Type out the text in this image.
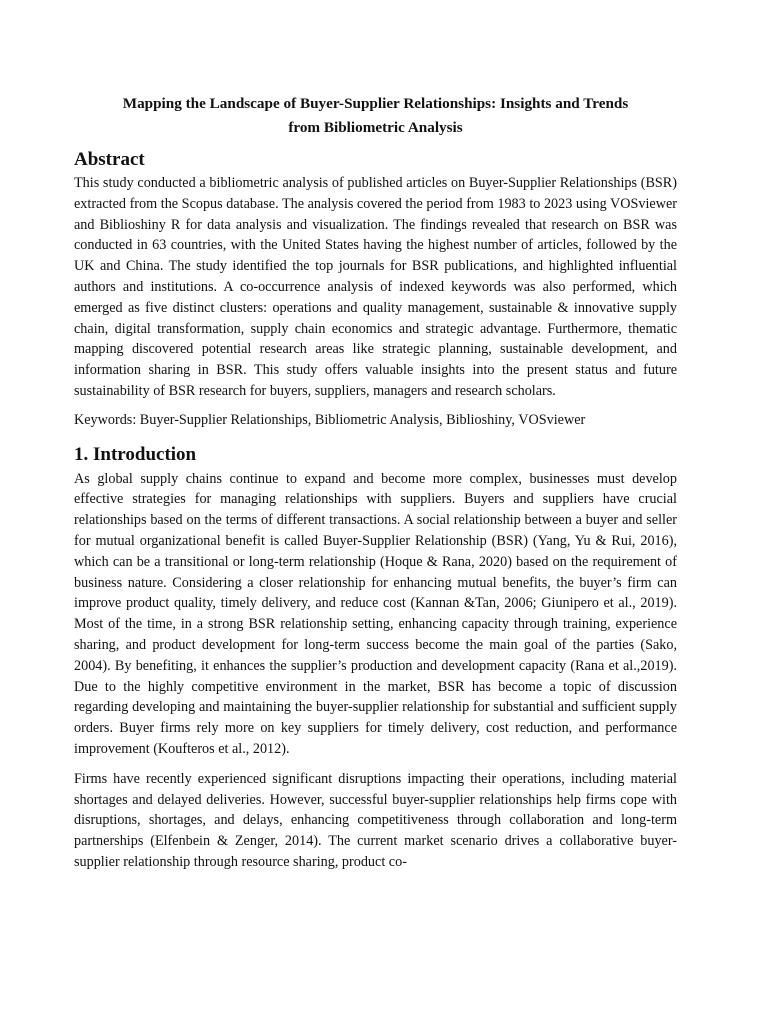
Mapping the Landscape of Buyer-Supplier Relationships: Insights and Trends
from Bibliometric Analysis
Abstract

This study conducted a bibliometric analysis of published articles on Buyer-Supplier Relationships (BSR) extracted from the Scopus database. The analysis covered the period from 1983 to 2023 using VOSviewer and Biblioshiny R for data analysis and visualization. The findings revealed that research on BSR was conducted in 63 countries, with the United States having the highest number of articles, followed by the UK and China. The study identified the top journals for BSR publications, and highlighted influential authors and institutions. A co-occurrence analysis of indexed keywords was also performed, which emerged as five distinct clusters: operations and quality management, sustainable & innovative supply chain, digital transformation, supply chain economics and strategic advantage. Furthermore, thematic mapping discovered potential research areas like strategic planning, sustainable development, and information sharing in BSR. This study offers valuable insights into the present status and future sustainability of BSR research for buyers, suppliers, managers and research scholars.

Keywords: Buyer-Supplier Relationships, Bibliometric Analysis, Biblioshiny, VOSviewer

1. Introduction

As global supply chains continue to expand and become more complex, businesses must develop effective strategies for managing relationships with suppliers. Buyers and suppliers have crucial relationships based on the terms of different transactions. A social relationship between a buyer and seller for mutual organizational benefit is called Buyer-Supplier Relationship (BSR) (Yang, Yu & Rui, 2016), which can be a transitional or long-term relationship (Hoque & Rana, 2020) based on the requirement of business nature. Considering a closer relationship for enhancing mutual benefits, the buyer’s firm can improve product quality, timely delivery, and reduce cost (Kannan &Tan, 2006; Giunipero et al., 2019). Most of the time, in a strong BSR relationship setting, enhancing capacity through training, experience sharing, and product development for long-term success become the main goal of the parties (Sako, 2004). By benefiting, it enhances the supplier’s production and development capacity (Rana et al.,2019). Due to the highly competitive environment in the market, BSR has become a topic of discussion regarding developing and maintaining the buyer-supplier relationship for substantial and sufficient supply orders. Buyer firms rely more on key suppliers for timely delivery, cost reduction, and performance improvement (Koufteros et al., 2012).

Firms have recently experienced significant disruptions impacting their operations, including material shortages and delayed deliveries. However, successful buyer-supplier relationships help firms cope with disruptions, shortages, and delays, enhancing competitiveness through collaboration and long-term partnerships (Elfenbein & Zenger, 2014). The current market scenario drives a collaborative buyer-supplier relationship through resource sharing, product co-
